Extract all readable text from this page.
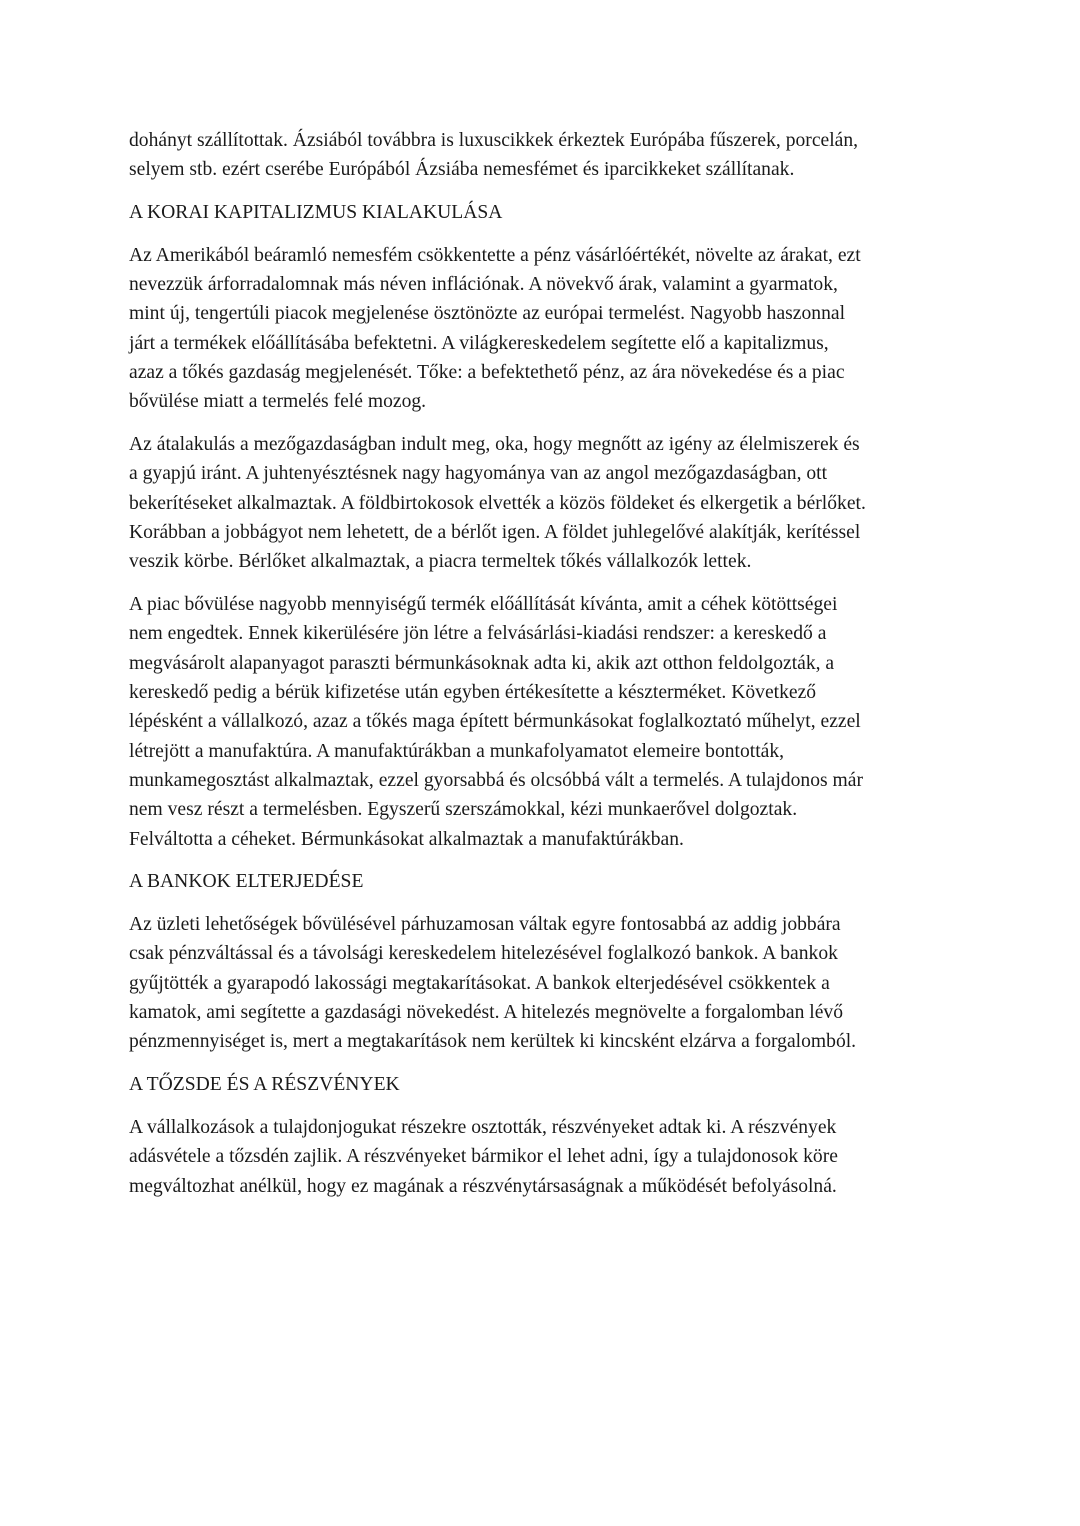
dohányt szállítottak. Ázsiából továbbra is luxuscikkek érkeztek Európába fűszerek, porcelán,
selyem stb. ezért cserébe Európából Ázsiába nemesfémet és iparcikkeket szállítanak.

A KORAI KAPITALIZMUS KIALAKULÁSA

Az Amerikából beáramló nemesfém csökkentette a pénz vásárlóértékét, növelte az árakat, ezt
nevezzük árforradalomnak más néven inflációnak. A növekvő árak, valamint a gyarmatok,
mint új, tengertúli piacok megjelenése ösztönözte az európai termelést. Nagyobb haszonnal
járt a termékek előállításába befektetni. A világkereskedelem segítette elő a kapitalizmus,
azaz a tőkés gazdaság megjelenését. Tőke: a befektethető pénz, az ára növekedése és a piac
bővülése miatt a termelés felé mozog.

Az átalakulás a mezőgazdaságban indult meg, oka, hogy megnőtt az igény az élelmiszerek és
a gyapjú iránt. A juhtenyésztésnek nagy hagyománya van az angol mezőgazdaságban, ott
bekerítéseket alkalmaztak. A földbirtokosok elvették a közös földeket és elkergetik a bérlőket.
Korábban a jobbágyot nem lehetett, de a bérlőt igen. A földet juhlegelővé alakítják, kerítéssel
veszik körbe. Bérlőket alkalmaztak, a piacra termeltek tőkés vállalkozók lettek.

A piac bővülése nagyobb mennyiségű termék előállítását kívánta, amit a céhek kötöttségei
nem engedtek. Ennek kikerülésére jön létre a felvásárlási-kiadási rendszer: a kereskedő a
megvásárolt alapanyagot paraszti bérmunkásoknak adta ki, akik azt otthon feldolgozták, a
kereskedő pedig a bérük kifizetése után egyben értékesítette a készterméket. Következő
lépésként a vállalkozó, azaz a tőkés maga épített bérmunkásokat foglalkoztató műhelyt, ezzel
létrejött a manufaktúra. A manufaktúrákban a munkafolyamatot elemeire bontották,
munkamegosztást alkalmaztak, ezzel gyorsabbá és olcsóbbá vált a termelés. A tulajdonos már
nem vesz részt a termelésben. Egyszerű szerszámokkal, kézi munkaerővel dolgoztak.
Felváltotta a céheket. Bérmunkásokat alkalmaztak a manufaktúrákban.

A BANKOK ELTERJEDÉSE

Az üzleti lehetőségek bővülésével párhuzamosan váltak egyre fontosabbá az addig jobbára
csak pénzváltással és a távolsági kereskedelem hitelezésével foglalkozó bankok. A bankok
gyűjtötték a gyarapodó lakossági megtakarításokat. A bankok elterjedésével csökkentek a
kamatok, ami segítette a gazdasági növekedést. A hitelezés megnövelte a forgalomban lévő
pénzmennyiséget is, mert a megtakarítások nem kerültek ki kincsként elzárva a forgalomból.

A TŐZSDE ÉS A RÉSZVÉNYEK

A vállalkozások a tulajdonjogukat részekre osztották, részvényeket adtak ki. A részvények
adásvétele a tőzsdén zajlik. A részvényeket bármikor el lehet adni, így a tulajdonosok köre
megváltozhat anélkül, hogy ez magának a részvénytársaságnak a működését befolyásolná.
